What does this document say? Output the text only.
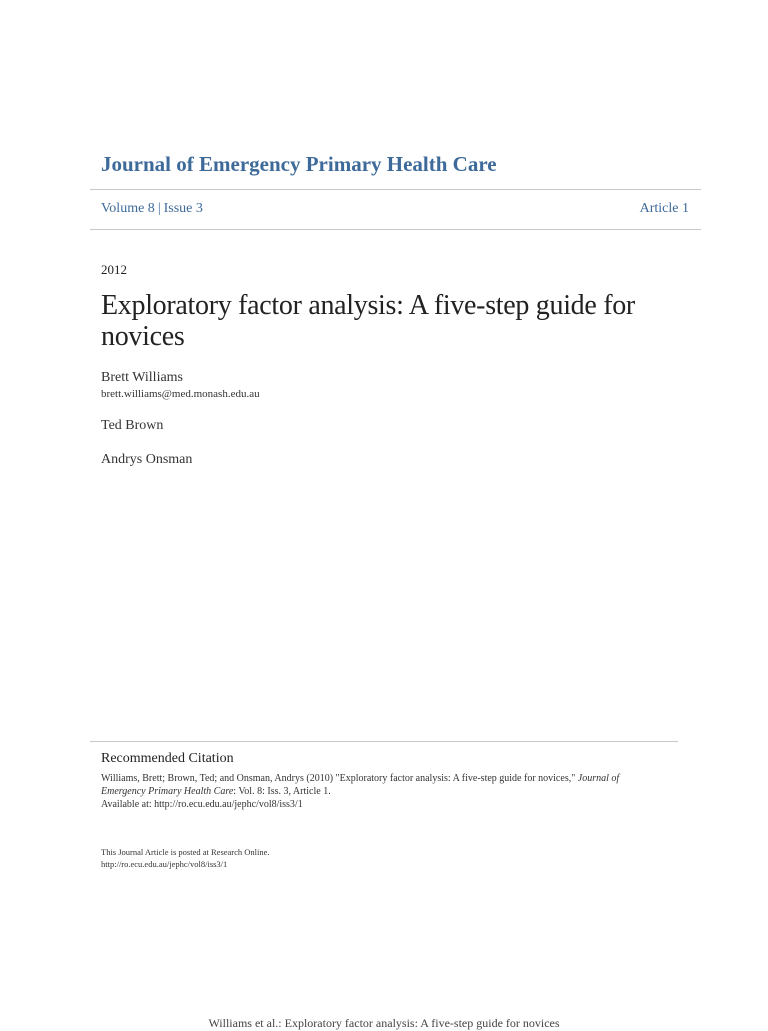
Journal of Emergency Primary Health Care
Volume 8 | Issue 3	Article 1
2012
Exploratory factor analysis: A five-step guide for novices
Brett Williams
brett.williams@med.monash.edu.au
Ted Brown
Andrys Onsman
Recommended Citation
Williams, Brett; Brown, Ted; and Onsman, Andrys (2010) "Exploratory factor analysis: A five-step guide for novices," Journal of Emergency Primary Health Care: Vol. 8: Iss. 3, Article 1.
Available at: http://ro.ecu.edu.au/jephc/vol8/iss3/1
This Journal Article is posted at Research Online.
http://ro.ecu.edu.au/jephc/vol8/iss3/1
Williams et al.: Exploratory factor analysis: A five-step guide for novices
